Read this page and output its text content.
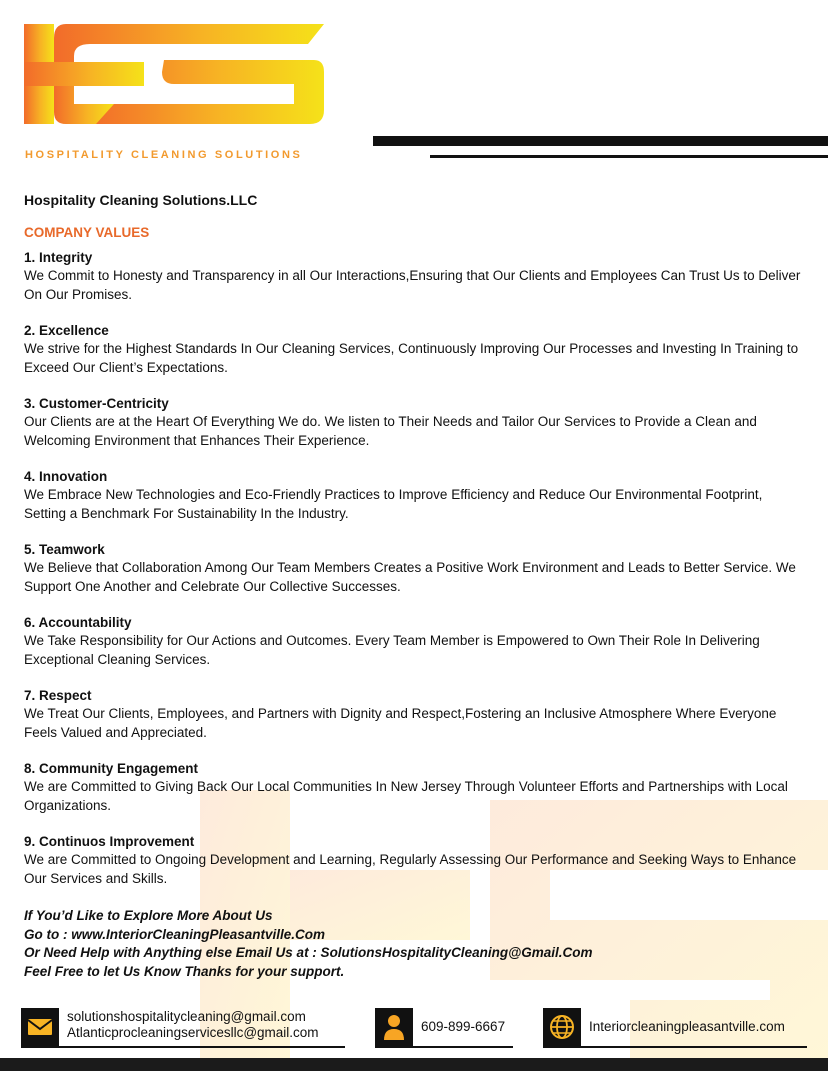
HOSPITALITY CLEANING SOLUTIONS
Hospitality Cleaning Solutions.LLC
COMPANY VALUES
1. Integrity
We Commit to Honesty and Transparency in all Our Interactions,Ensuring that Our Clients and Employees Can Trust Us to Deliver On Our Promises.
2. Excellence
We strive for the Highest Standards In Our Cleaning Services, Continuously Improving Our Processes and Investing In Training to Exceed Our Client’s Expectations.
3. Customer-Centricity
Our Clients are at the Heart Of Everything We do. We listen to Their Needs and Tailor Our Services to Provide a Clean and Welcoming Environment that Enhances Their Experience.
4. Innovation
We Embrace New Technologies and Eco-Friendly Practices to Improve Efficiency and Reduce Our Environmental Footprint, Setting a Benchmark For Sustainability In the Industry.
5. Teamwork
We Believe that Collaboration Among Our Team Members Creates a Positive Work Environment and Leads to Better Service. We Support One Another and Celebrate Our Collective Successes.
6. Accountability
We Take Responsibility for Our Actions and Outcomes. Every Team Member is Empowered to Own Their Role In Delivering Exceptional Cleaning Services.
7. Respect
We Treat Our Clients, Employees, and Partners with Dignity and Respect,Fostering an Inclusive Atmosphere Where Everyone Feels Valued and Appreciated.
8. Community Engagement
We are Committed to Giving Back Our Local Communities In New Jersey Through Volunteer Efforts and Partnerships with Local Organizations.
9. Continuos Improvement
We are Committed to Ongoing Development and Learning, Regularly Assessing Our Performance and Seeking Ways to Enhance Our Services and Skills.
If You’d Like to Explore More About Us
Go to : www.InteriorCleaningPleasantville.Com
Or Need Help with Anything else Email Us at : SolutionsHospitalityCleaning@Gmail.Com
Feel Free to let Us Know Thanks for your support.
solutionshospitalitycleaning@gmail.com
Atlanticprocleaningservicesllc@gmail.com	609-899-6667	Interiorcleaningpleasantville.com
